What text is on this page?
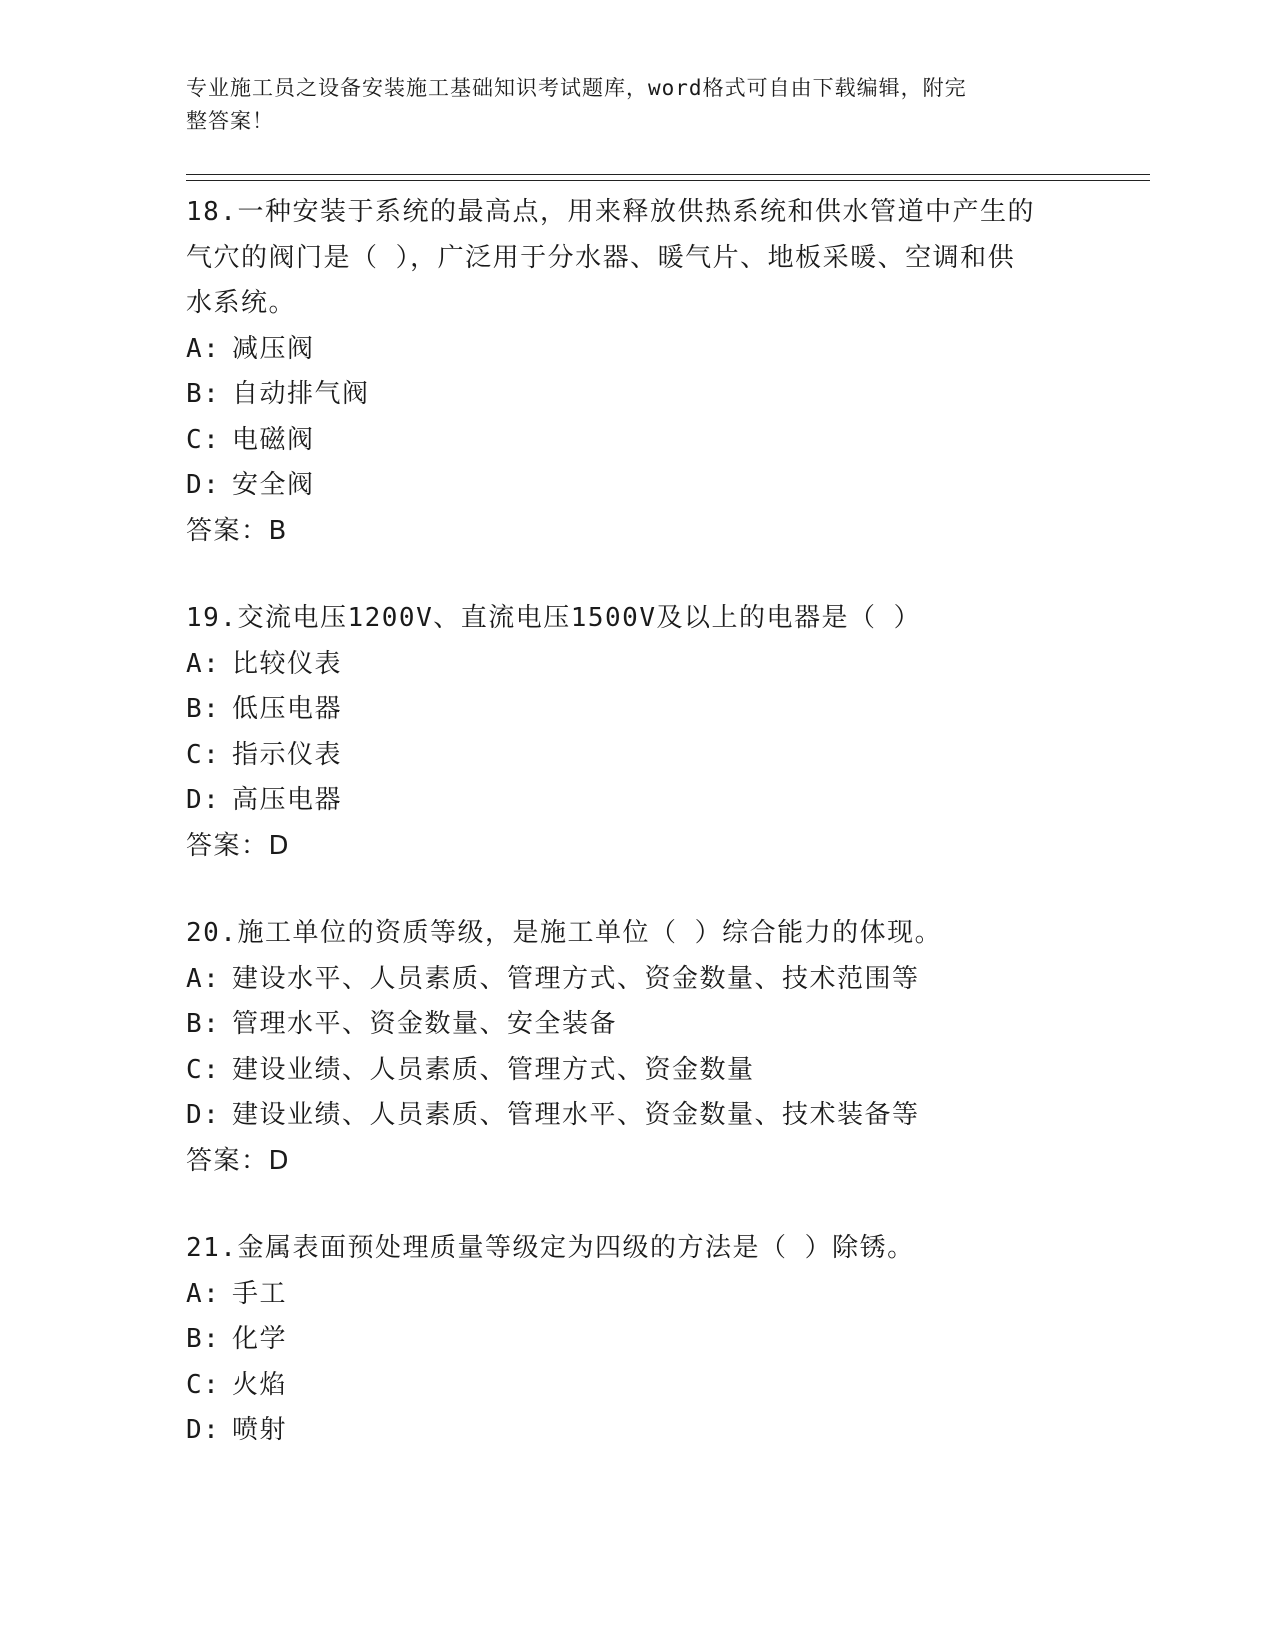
专业施工员之设备安装施工基础知识考试题库，word格式可自由下载编辑，附完
整答案！
18.一种安装于系统的最高点，用来释放供热系统和供水管道中产生的
气穴的阀门是（ ），广泛用于分水器、暖气片、地板采暖、空调和供
水系统。
A: 减压阀
B: 自动排气阀
C: 电磁阀
D: 安全阀
答案：B
19.交流电压1200V、直流电压1500V及以上的电器是（ ）
A: 比较仪表
B: 低压电器
C: 指示仪表
D: 高压电器
答案：D
20.施工单位的资质等级，是施工单位（ ）综合能力的体现。
A: 建设水平、人员素质、管理方式、资金数量、技术范围等
B: 管理水平、资金数量、安全装备
C: 建设业绩、人员素质、管理方式、资金数量
D: 建设业绩、人员素质、管理水平、资金数量、技术装备等
答案：D
21.金属表面预处理质量等级定为四级的方法是（ ）除锈。
A: 手工
B: 化学
C: 火焰
D: 喷射
